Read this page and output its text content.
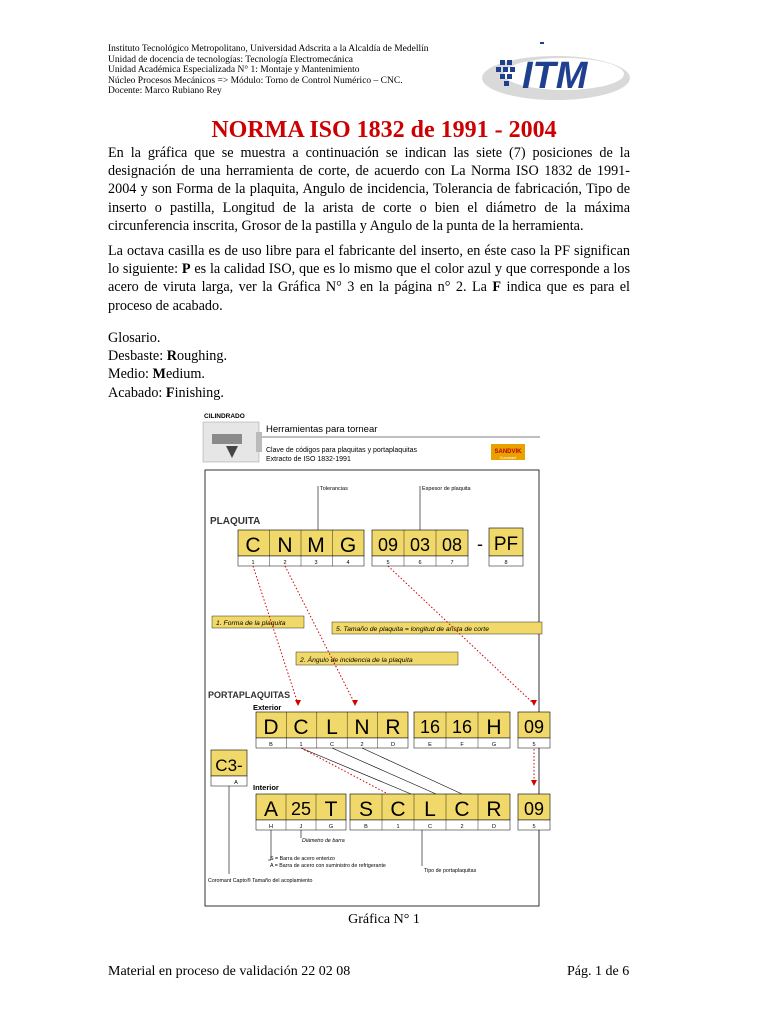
Instituto Tecnológico Metropolitano, Universidad Adscrita a la Alcaldía de Medellín
Unidad de docencia de tecnologías: Tecnología Electromecánica
Unidad Académica Especializada N° 1: Montaje y Mantenimiento
Núcleo Procesos Mecánicos => Módulo: Torno de Control Numérico – CNC.
Docente: Marco Rubiano Rey	ITM
NORMA ISO 1832 de 1991 - 2004
En la gráfica que se muestra a continuación se indican las siete (7) posiciones de la designación de una herramienta de corte, de acuerdo con La Norma ISO 1832 de 1991-2004 y son Forma de la plaquita, Angulo de incidencia, Tolerancia de fabricación, Tipo de inserto o pastilla, Longitud de la arista de corte o bien el diámetro de la máxima circunferencia inscrita, Grosor de la pastilla y Angulo de la punta de la herramienta.
La octava casilla es de uso libre para el fabricante del inserto, en éste caso la PF significan lo siguiente: P es la calidad ISO, que es lo mismo que el color azul y que corresponde a los acero de viruta larga, ver la Gráfica N° 3 en la página n° 2. La F indica que es para el proceso de acabado.
Glosario.
Desbaste: Roughing.
Medio: Medium.
Acabado: Finishing.
CILINDRADO
Herramientas para tornear
Clave de códigos para plaquitas y portaplaquitas
Extracto de ISO 1832-1991
SANDVIK
Coromant
Tolerancias	Espesor de plaquita
PLAQUITA
C N M G
1	2	3	4
09 03 08
5	6	7
- PF
8
1. Forma de la plaquita
5. Tamaño de plaquita = longitud de arista de corte
2. Ángulo de incidencia de la plaquita
PORTAPLAQUITAS
Exterior
D C L N R
B	1	C	2	D
16 16 H
E	F	G
09
5
C3-
A Interior
A 25 T
H	J	G
S C L C R
B	1	C	2	D
09
5
Diámetro de barra
S = Barra de acero enterizo
A = Barra de acero con suministro de refrigerante
Tipo de portaplaquitas
Coromant Capto® Tamaño del acoplamiento
Gráfica N° 1
Material en proceso de validación 22 02 08	Pág. 1 de 6
